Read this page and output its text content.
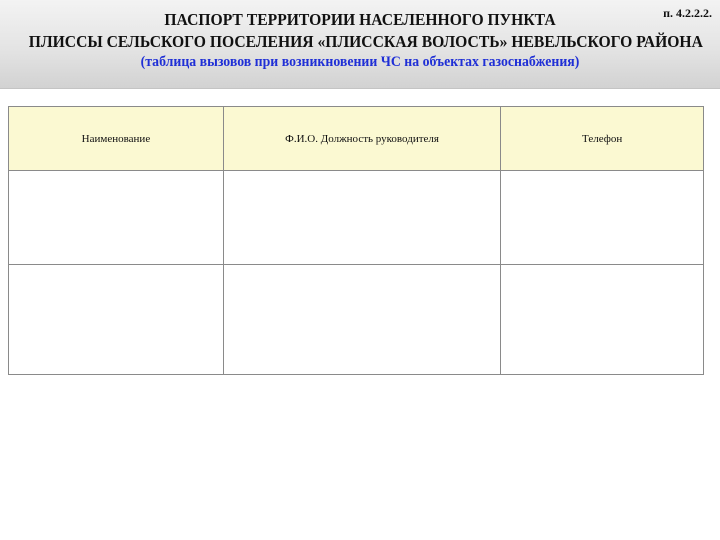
п. 4.2.2.2.
ПАСПОРТ ТЕРРИТОРИИ НАСЕЛЕННОГО ПУНКТА
ПЛИССЫ СЕЛЬСКОГО ПОСЕЛЕНИЯ «ПЛИССКАЯ ВОЛОСТЬ» НЕВЕЛЬСКОГО РАЙОНА
(таблица вызовов при возникновении ЧС на объектах газоснабжения)
Наименование	Ф.И.О. Должность руководителя	Телефон
